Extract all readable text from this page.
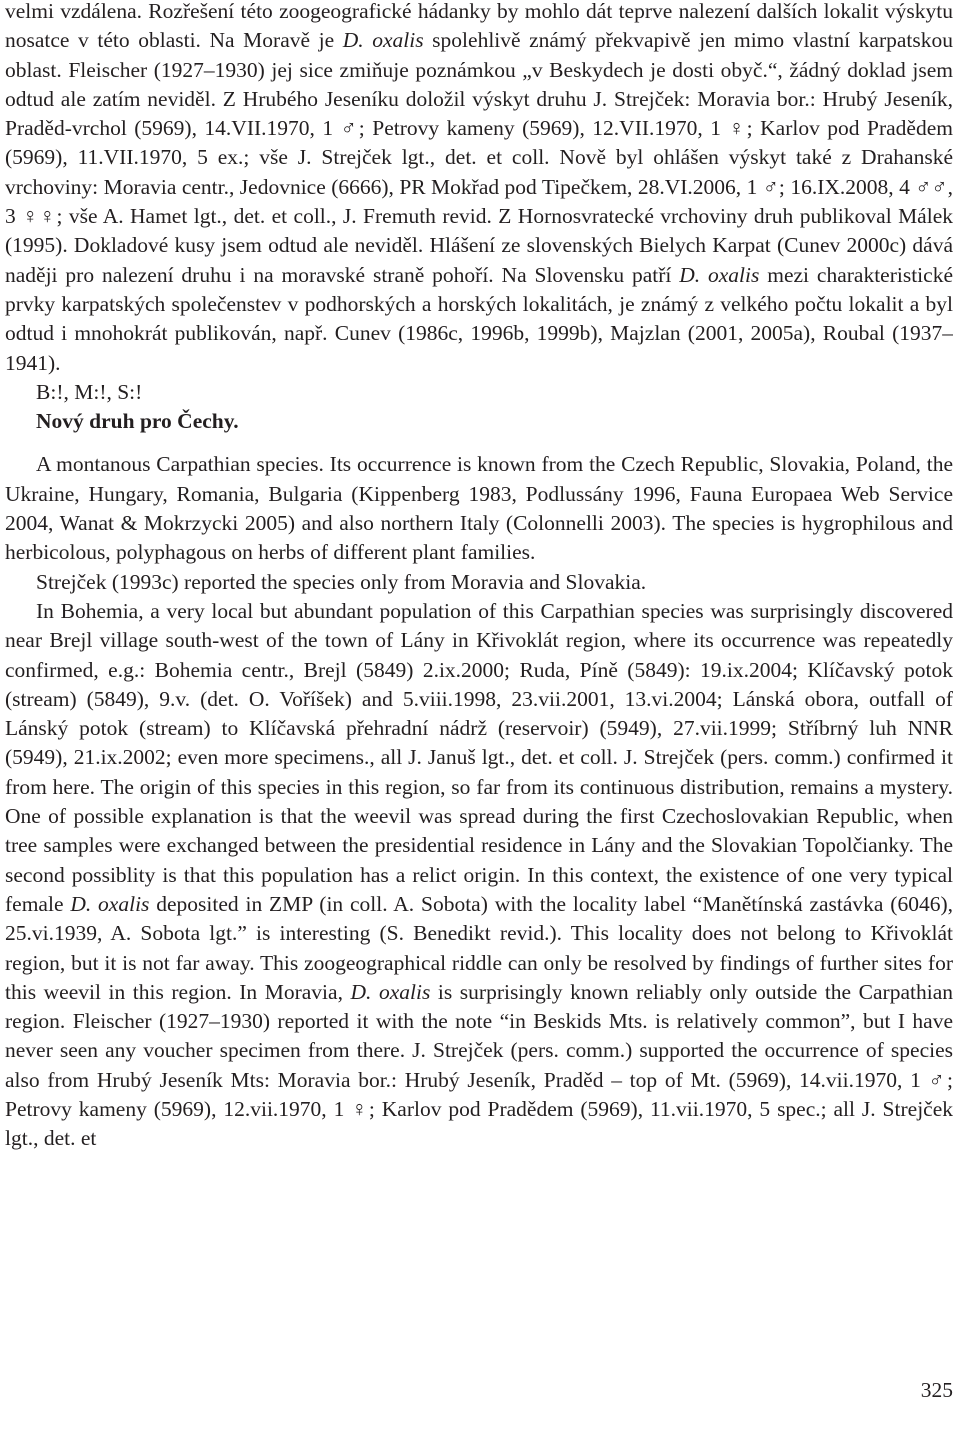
velmi vzdálena. Rozřešení této zoogeografické hádanky by mohlo dát teprve nalezení dalších lokalit výskytu nosatce v této oblasti. Na Moravě je D. oxalis spolehlivě známý překvapivě jen mimo vlastní karpatskou oblast. Fleischer (1927–1930) jej sice zmiňuje poznámkou „v Beskydech je dosti obyč.“, žádný doklad jsem odtud ale zatím neviděl. Z Hrubého Jeseníku doložil výskyt druhu J. Strejček: Moravia bor.: Hrubý Jeseník, Praděd-vrchol (5969), 14.VII.1970, 1 ♂; Petrovy kameny (5969), 12.VII.1970, 1 ♀; Karlov pod Pradědem (5969), 11.VII.1970, 5 ex.; vše J. Strejček lgt., det. et coll. Nově byl ohlášen výskyt také z Drahanské vrchoviny: Moravia centr., Jedovnice (6666), PR Mokřad pod Tipečkem, 28.VI.2006, 1 ♂; 16.IX.2008, 4 ♂♂, 3 ♀♀; vše A. Hamet lgt., det. et coll., J. Fremuth revid. Z Hornosvratecké vrchoviny druh publikoval Málek (1995). Dokladové kusy jsem odtud ale neviděl. Hlášení ze slovenských Bielych Karpat (Cunev 2000c) dává naději pro nalezení druhu i na moravské straně pohoří. Na Slovensku patří D. oxalis mezi charakteristické prvky karpatských společenstev v podhorských a horských lokalitách, je známý z velkého počtu lokalit a byl odtud i mnohokrát publikován, např. Cunev (1986c, 1996b, 1999b), Majzlan (2001, 2005a), Roubal (1937–1941).

B:!, M:!, S:!

Nový druh pro Čechy.

A montanous Carpathian species. Its occurrence is known from the Czech Republic, Slovakia, Poland, the Ukraine, Hungary, Romania, Bulgaria (Kippenberg 1983, Podlussány 1996, Fauna Europaea Web Service 2004, Wanat & Mokrzycki 2005) and also northern Italy (Colonnelli 2003). The species is hygrophilous and herbicolous, polyphagous on herbs of different plant families.

Strejček (1993c) reported the species only from Moravia and Slovakia.

In Bohemia, a very local but abundant population of this Carpathian species was surprisingly discovered near Brejl village south-west of the town of Lány in Křivoklát region, where its occurrence was repeatedly confirmed, e.g.: Bohemia centr., Brejl (5849) 2.ix.2000; Ruda, Píně (5849): 19.ix.2004; Klíčavský potok (stream) (5849), 9.v. (det. O. Voříšek) and 5.viii.1998, 23.vii.2001, 13.vi.2004; Lánská obora, outfall of Lánský potok (stream) to Klíčavská přehradní nádrž (reservoir) (5949), 27.vii.1999; Stříbrný luh NNR (5949), 21.ix.2002; even more specimens., all J. Januš lgt., det. et coll. J. Strejček (pers. comm.) confirmed it from here. The origin of this species in this region, so far from its continuous distribution, remains a mystery. One of possible explanation is that the weevil was spread during the first Czechoslovakian Republic, when tree samples were exchanged between the presidential residence in Lány and the Slovakian Topolčianky. The second possiblity is that this population has a relict origin. In this context, the existence of one very typical female D. oxalis deposited in ZMP (in coll. A. Sobota) with the locality label “Manětínská zastávka (6046), 25.vi.1939, A. Sobota lgt.” is interesting (S. Benedikt revid.). This locality does not belong to Křivoklát region, but it is not far away. This zoogeographical riddle can only be resolved by findings of further sites for this weevil in this region. In Moravia, D. oxalis is surprisingly known reliably only outside the Carpathian region. Fleischer (1927–1930) reported it with the note “in Beskids Mts. is relatively common”, but I have never seen any voucher specimen from there. J. Strejček (pers. comm.) supported the occurrence of species also from Hrubý Jeseník Mts: Moravia bor.: Hrubý Jeseník, Praděd – top of Mt. (5969), 14.vii.1970, 1 ♂; Petrovy kameny (5969), 12.vii.1970, 1 ♀; Karlov pod Pradědem (5969), 11.vii.1970, 5 spec.; all J. Strejček lgt., det. et

325
